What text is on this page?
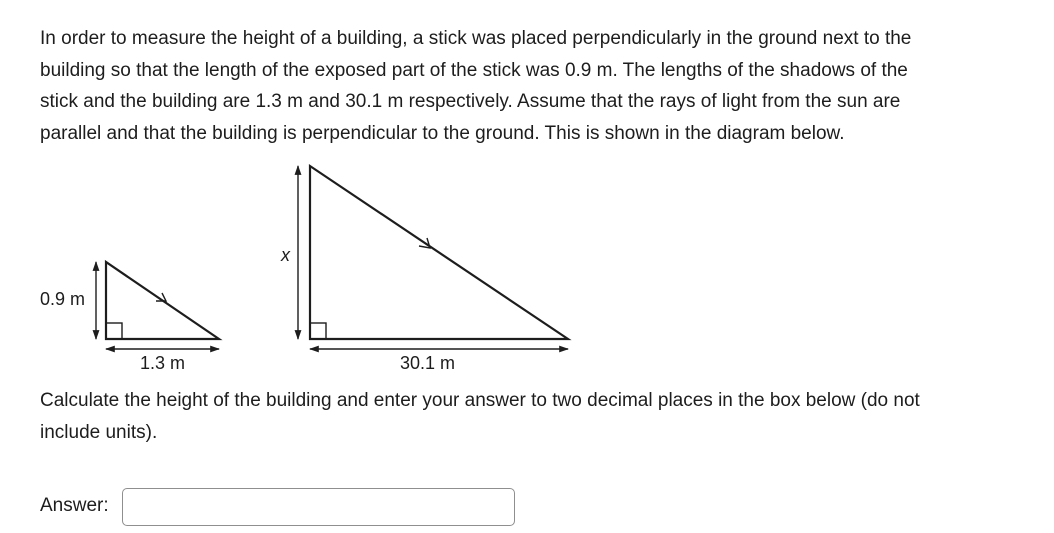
In order to measure the height of a building, a stick was placed perpendicularly in the ground next to the
building so that the length of the exposed part of the stick was 0.9 m. The lengths of the shadows of the
stick and the building are 1.3 m and 30.1 m respectively. Assume that the rays of light from the sun are
parallel and that the building is perpendicular to the ground. This is shown in the diagram below.

0.9 m
1.3 m
x
30.1 m

Calculate the height of the building and enter your answer to two decimal places in the box below (do not
include units).

Answer:
